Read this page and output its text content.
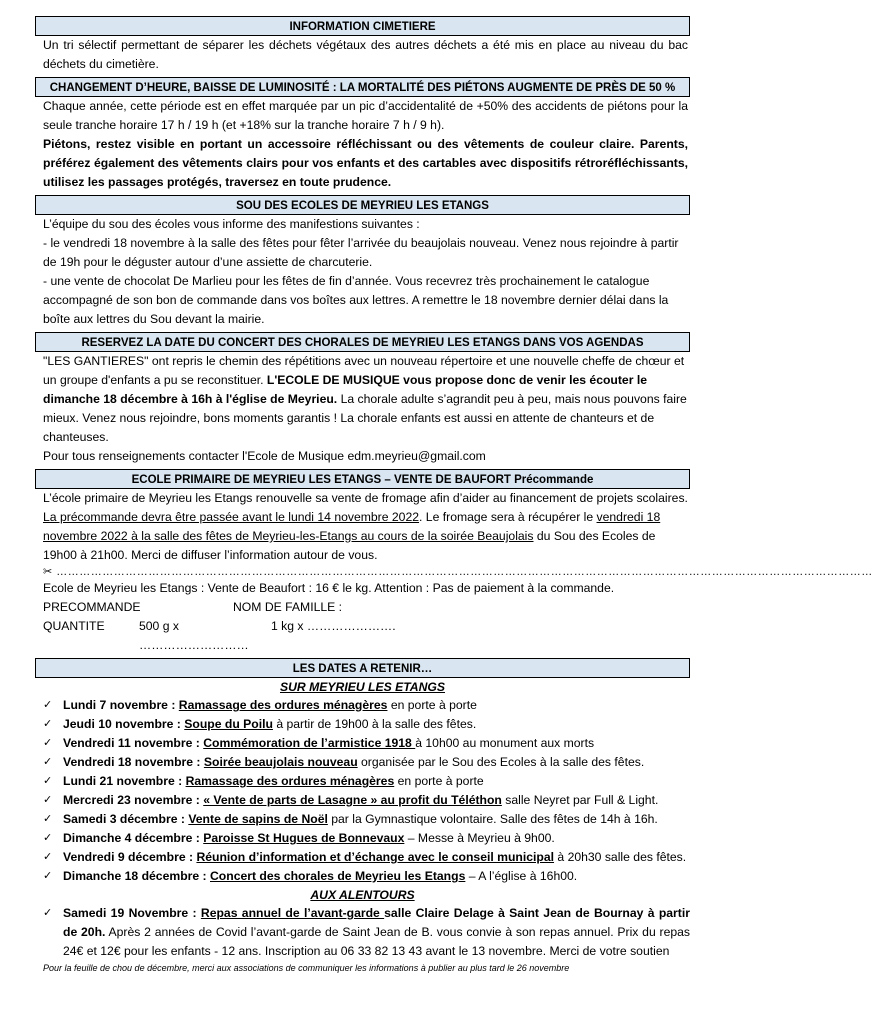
INFORMATION CIMETIERE

Un tri sélectif permettant de séparer les déchets végétaux des autres déchets a été mis en place au niveau du bac déchets du cimetière.

CHANGEMENT D’HEURE, BAISSE DE LUMINOSITÉ : LA MORTALITÉ DES PIÉTONS AUGMENTE DE PRÈS DE 50 %

Chaque année, cette période est en effet marquée par un pic d’accidentalité de +50% des accidents de piétons pour la seule tranche horaire 17 h / 19 h (et +18% sur la tranche horaire 7 h / 9 h).

Piétons, restez visible en portant un accessoire réfléchissant ou des vêtements de couleur claire. Parents, préférez également des vêtements clairs pour vos enfants et des cartables avec dispositifs rétroréfléchissants, utilisez les passages protégés, traversez en toute prudence.

SOU DES ECOLES DE MEYRIEU LES ETANGS

L’équipe du sou des écoles vous informe des manifestions suivantes :

- le vendredi 18 novembre à la salle des fêtes pour fêter l’arrivée du beaujolais nouveau. Venez nous rejoindre à partir de 19h pour le déguster autour d’une assiette de charcuterie.

- une vente de chocolat De Marlieu pour les fêtes de fin d’année. Vous recevrez très prochainement le catalogue accompagné de son bon de commande dans vos boîtes aux lettres. A remettre le 18 novembre dernier délai dans la boîte aux lettres du Sou devant la mairie.

RESERVEZ LA DATE DU CONCERT DES CHORALES DE MEYRIEU LES ETANGS DANS VOS AGENDAS

"LES GANTIERES" ont repris le chemin des répétitions avec un nouveau répertoire et une nouvelle cheffe de chœur et un groupe d'enfants a pu se reconstituer. L'ECOLE DE MUSIQUE vous propose donc de venir les écouter le dimanche 18 décembre à 16h à l'église de Meyrieu. La chorale adulte s’agrandit peu à peu, mais nous pouvons faire mieux. Venez nous rejoindre, bons moments garantis ! La chorale enfants est aussi en attente de chanteurs et de chanteuses.

Pour tous renseignements contacter l'Ecole de Musique edm.meyrieu@gmail.com

ECOLE PRIMAIRE DE MEYRIEU LES ETANGS – VENTE DE BAUFORT Précommande

L’école primaire de Meyrieu les Etangs renouvelle sa vente de fromage afin d’aider au financement de projets scolaires. La précommande devra être passée avant le lundi 14 novembre 2022. Le fromage sera à récupérer le vendredi 18 novembre 2022 à la salle des fêtes de Meyrieu-les-Etangs au cours de la soirée Beaujolais du Sou des Ecoles de 19h00 à 21h00. Merci de diffuser l’information autour de vous.

✂ ……………………………………………………………………………………………………………………………………………………………………………………………

Ecole de Meyrieu les Etangs : Vente de Beaufort : 16 € le kg. Attention : Pas de paiement à la commande.

PRECOMMANDE	NOM DE FAMILLE :
QUANTITE	500 g x ………………………
1 kg x ………………….
LES DATES A RETENIR…
SUR MEYRIEU LES ETANGS
✓ Lundi 7 novembre : Ramassage des ordures ménagères en porte à porte
✓ Jeudi 10 novembre : Soupe du Poilu à partir de 19h00 à la salle des fêtes.
✓ Vendredi 11 novembre : Commémoration de l’armistice 1918 à 10h00 au monument aux morts
✓ Vendredi 18 novembre : Soirée beaujolais nouveau organisée par le Sou des Ecoles à la salle des fêtes.
✓ Lundi 21 novembre : Ramassage des ordures ménagères en porte à porte
✓ Mercredi 23 novembre : « Vente de parts de Lasagne » au profit du Téléthon salle Neyret par Full & Light.
✓ Samedi 3 décembre : Vente de sapins de Noël par la Gymnastique volontaire. Salle des fêtes de 14h à 16h.
✓ Dimanche 4 décembre : Paroisse St Hugues de Bonnevaux – Messe à Meyrieu à 9h00.
✓ Vendredi 9 décembre : Réunion d’information et d’échange avec le conseil municipal à 20h30 salle des fêtes.
✓ Dimanche 18 décembre : Concert des chorales de Meyrieu les Etangs – A l’église à 16h00.
AUX ALENTOURS
✓ Samedi 19 Novembre : Repas annuel de l’avant-garde salle Claire Delage à Saint Jean de Bournay à partir de 20h. Après 2 années de Covid l’avant-garde de Saint Jean de B. vous convie à son repas annuel. Prix du repas 24€ et 12€ pour les enfants - 12 ans. Inscription au 06 33 82 13 43 avant le 13 novembre. Merci de votre soutien
Pour la feuille de chou de décembre, merci aux associations de communiquer les informations à publier au plus tard le 26 novembre
